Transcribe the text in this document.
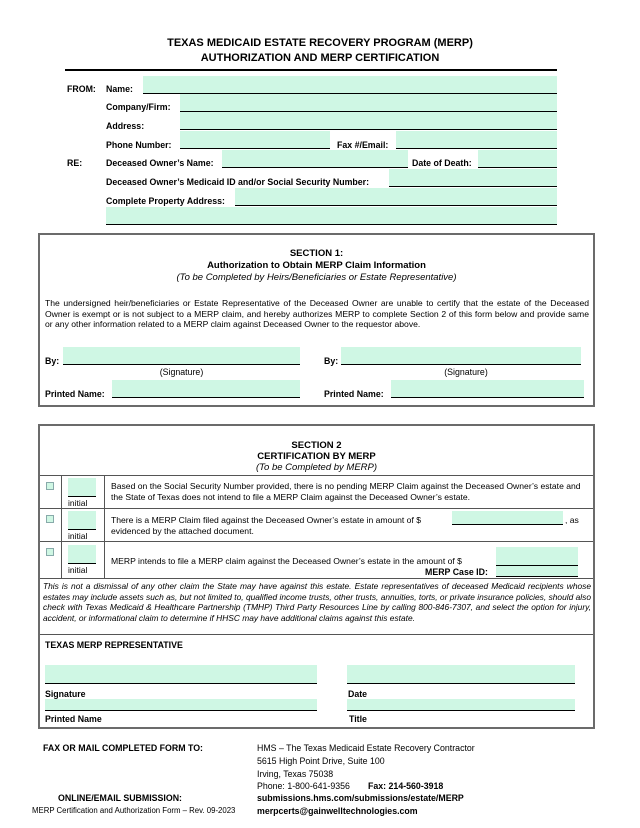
TEXAS MEDICAID ESTATE RECOVERY PROGRAM (MERP)
AUTHORIZATION AND MERP CERTIFICATION
FROM: Name:
Company/Firm:
Address:
Phone Number:	Fax #/Email:
RE:	Deceased Owner’s Name:	Date of Death:
Deceased Owner’s Medicaid ID and/or Social Security Number:
Complete Property Address:
SECTION 1:
Authorization to Obtain MERP Claim Information
(To be Completed by Heirs/Beneficiaries or Estate Representative)
The undersigned heir/beneficiaries or Estate Representative of the Deceased Owner are unable to certify that the estate of the Deceased Owner is exempt or is not subject to a MERP claim, and hereby authorizes MERP to complete Section 2 of this form below and provide same or any other information related to a MERP claim against Deceased Owner to the requestor above.
By:
(Signature)
Printed Name:
By:
(Signature)
Printed Name:
SECTION 2
CERTIFICATION BY MERP
(To be Completed by MERP)
initial
Based on the Social Security Number provided, there is no pending MERP Claim against the Deceased Owner’s estate and the State of Texas does not intend to file a MERP Claim against the Deceased Owner’s estate.
initial
There is a MERP Claim filed against the Deceased Owner’s estate in amount of $	, as
evidenced by the attached document.
initial
MERP intends to file a MERP claim against the Deceased Owner’s estate in the amount of $
MERP Case ID:
This is not a dismissal of any other claim the State may have against this estate. Estate representatives of deceased Medicaid recipients whose estates may include assets such as, but not limited to, qualified income trusts, other trusts, annuities, torts, or private insurance policies, should also check with Texas Medicaid & Healthcare Partnership (TMHP) Third Party Resources Line by calling 800-846-7307, and select the option for injury, accident, or informational claim to determine if HHSC may have additional claims against this estate.
TEXAS MERP REPRESENTATIVE
Signature	Date
Printed Name	Title
FAX OR MAIL COMPLETED FORM TO:	HMS – The Texas Medicaid Estate Recovery Contractor
5615 High Point Drive, Suite 100
Irving, Texas 75038
Phone: 1-800-641-9356 Fax: 214-560-3918
ONLINE/EMAIL SUBMISSION:	submissions.hms.com/submissions/estate/MERP
MERP Certification and Authorization Form – Rev. 09-2023 merpcerts@gainwelltechnologies.com
